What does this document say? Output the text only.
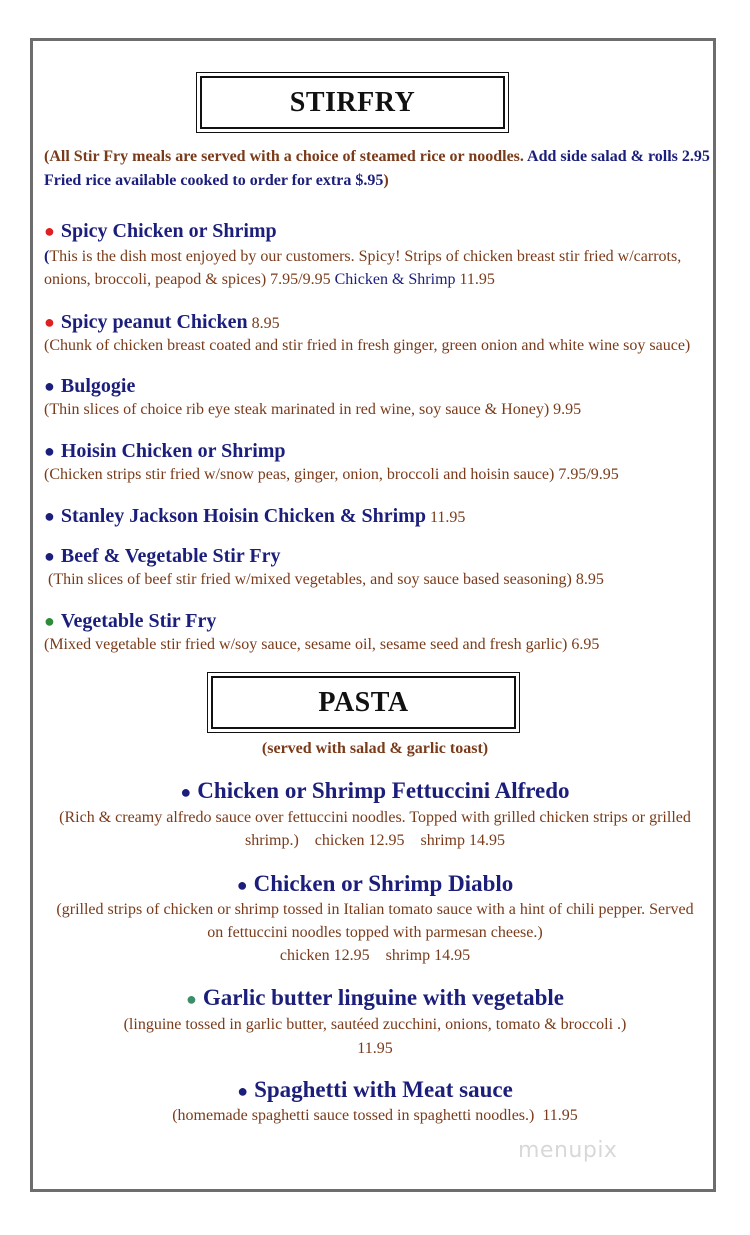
STIRFRY
(All Stir Fry meals are served with a choice of steamed rice or noodles. Add side salad & rolls 2.95
Fried rice available cooked to order for extra $.95)
● Spicy Chicken or Shrimp
(This is the dish most enjoyed by our customers. Spicy! Strips of chicken breast stir fried w/carrots,
onions, broccoli, peapod & spices) 7.95/9.95 Chicken & Shrimp 11.95
● Spicy peanut Chicken 8.95
(Chunk of chicken breast coated and stir fried in fresh ginger, green onion and white wine soy sauce)
● Bulgogie
(Thin slices of choice rib eye steak marinated in red wine, soy sauce & Honey) 9.95
● Hoisin Chicken or Shrimp
(Chicken strips stir fried w/snow peas, ginger, onion, broccoli and hoisin sauce) 7.95/9.95
● Stanley Jackson Hoisin Chicken & Shrimp 11.95
● Beef & Vegetable Stir Fry
(Thin slices of beef stir fried w/mixed vegetables, and soy sauce based seasoning) 8.95
● Vegetable Stir Fry
(Mixed vegetable stir fried w/soy sauce, sesame oil, sesame seed and fresh garlic) 6.95
PASTA
(served with salad & garlic toast)
● Chicken or Shrimp Fettuccini Alfredo
(Rich & creamy alfredo sauce over fettuccini noodles. Topped with grilled chicken strips or grilled
shrimp.)    chicken 12.95    shrimp 14.95
● Chicken or Shrimp Diablo
(grilled strips of chicken or shrimp tossed in Italian tomato sauce with a hint of chili pepper. Served
on fettuccini noodles topped with parmesan cheese.)
chicken 12.95    shrimp 14.95
● Garlic butter linguine with vegetable
(linguine tossed in garlic butter, sautéed zucchini, onions, tomato & broccoli .)
11.95
● Spaghetti with Meat sauce
(homemade spaghetti sauce tossed in spaghetti noodles.)  11.95
menupix
